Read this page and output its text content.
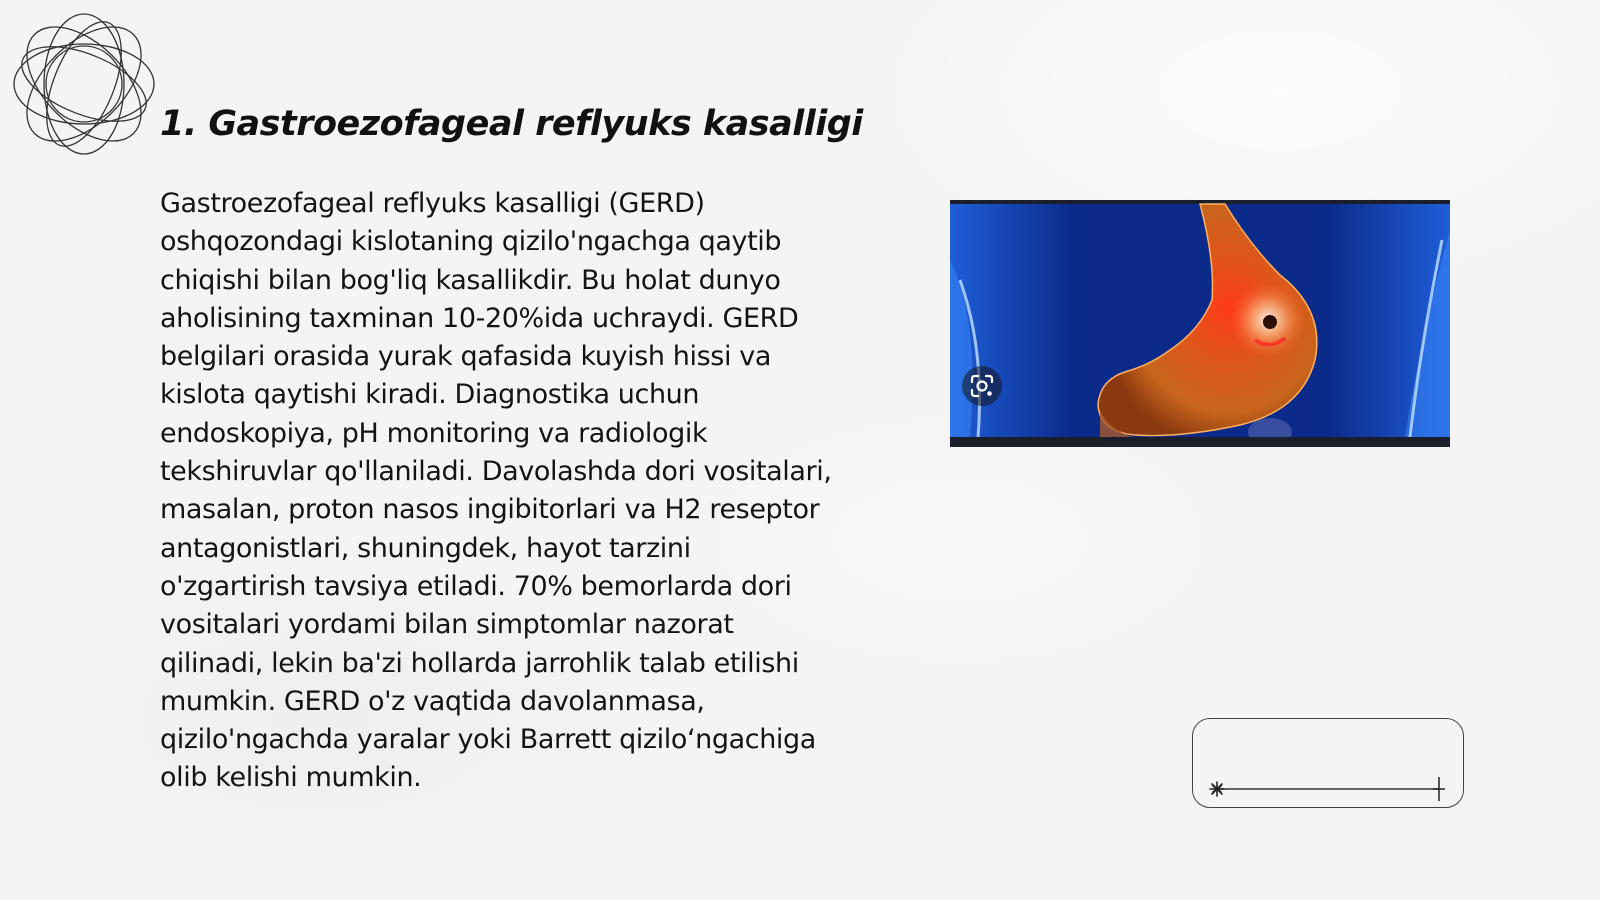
1. Gastroezofageal reflyuks kasalligi

Gastroezofageal reflyuks kasalligi (GERD) oshqozondagi kislotaning qizilo'ngachga qaytib chiqishi bilan bog'liq kasallikdir. Bu holat dunyo aholisining taxminan 10-20%ida uchraydi. GERD belgilari orasida yurak qafasida kuyish hissi va kislota qaytishi kiradi. Diagnostika uchun endoskopiya, pH monitoring va radiologik tekshiruvlar qo'llaniladi. Davolashda dori vositalari, masalan, proton nasos ingibitorlari va H2 reseptor antagonistlari, shuningdek, hayot tarzini o'zgartirish tavsiya etiladi. 70% bemorlarda dori vositalari yordami bilan simptomlar nazorat qilinadi, lekin ba'zi hollarda jarrohlik talab etilishi mumkin. GERD o'z vaqtida davolanmasa, qizilo'ngachda yaralar yoki Barrett qizilo‘ngachiga olib kelishi mumkin.
